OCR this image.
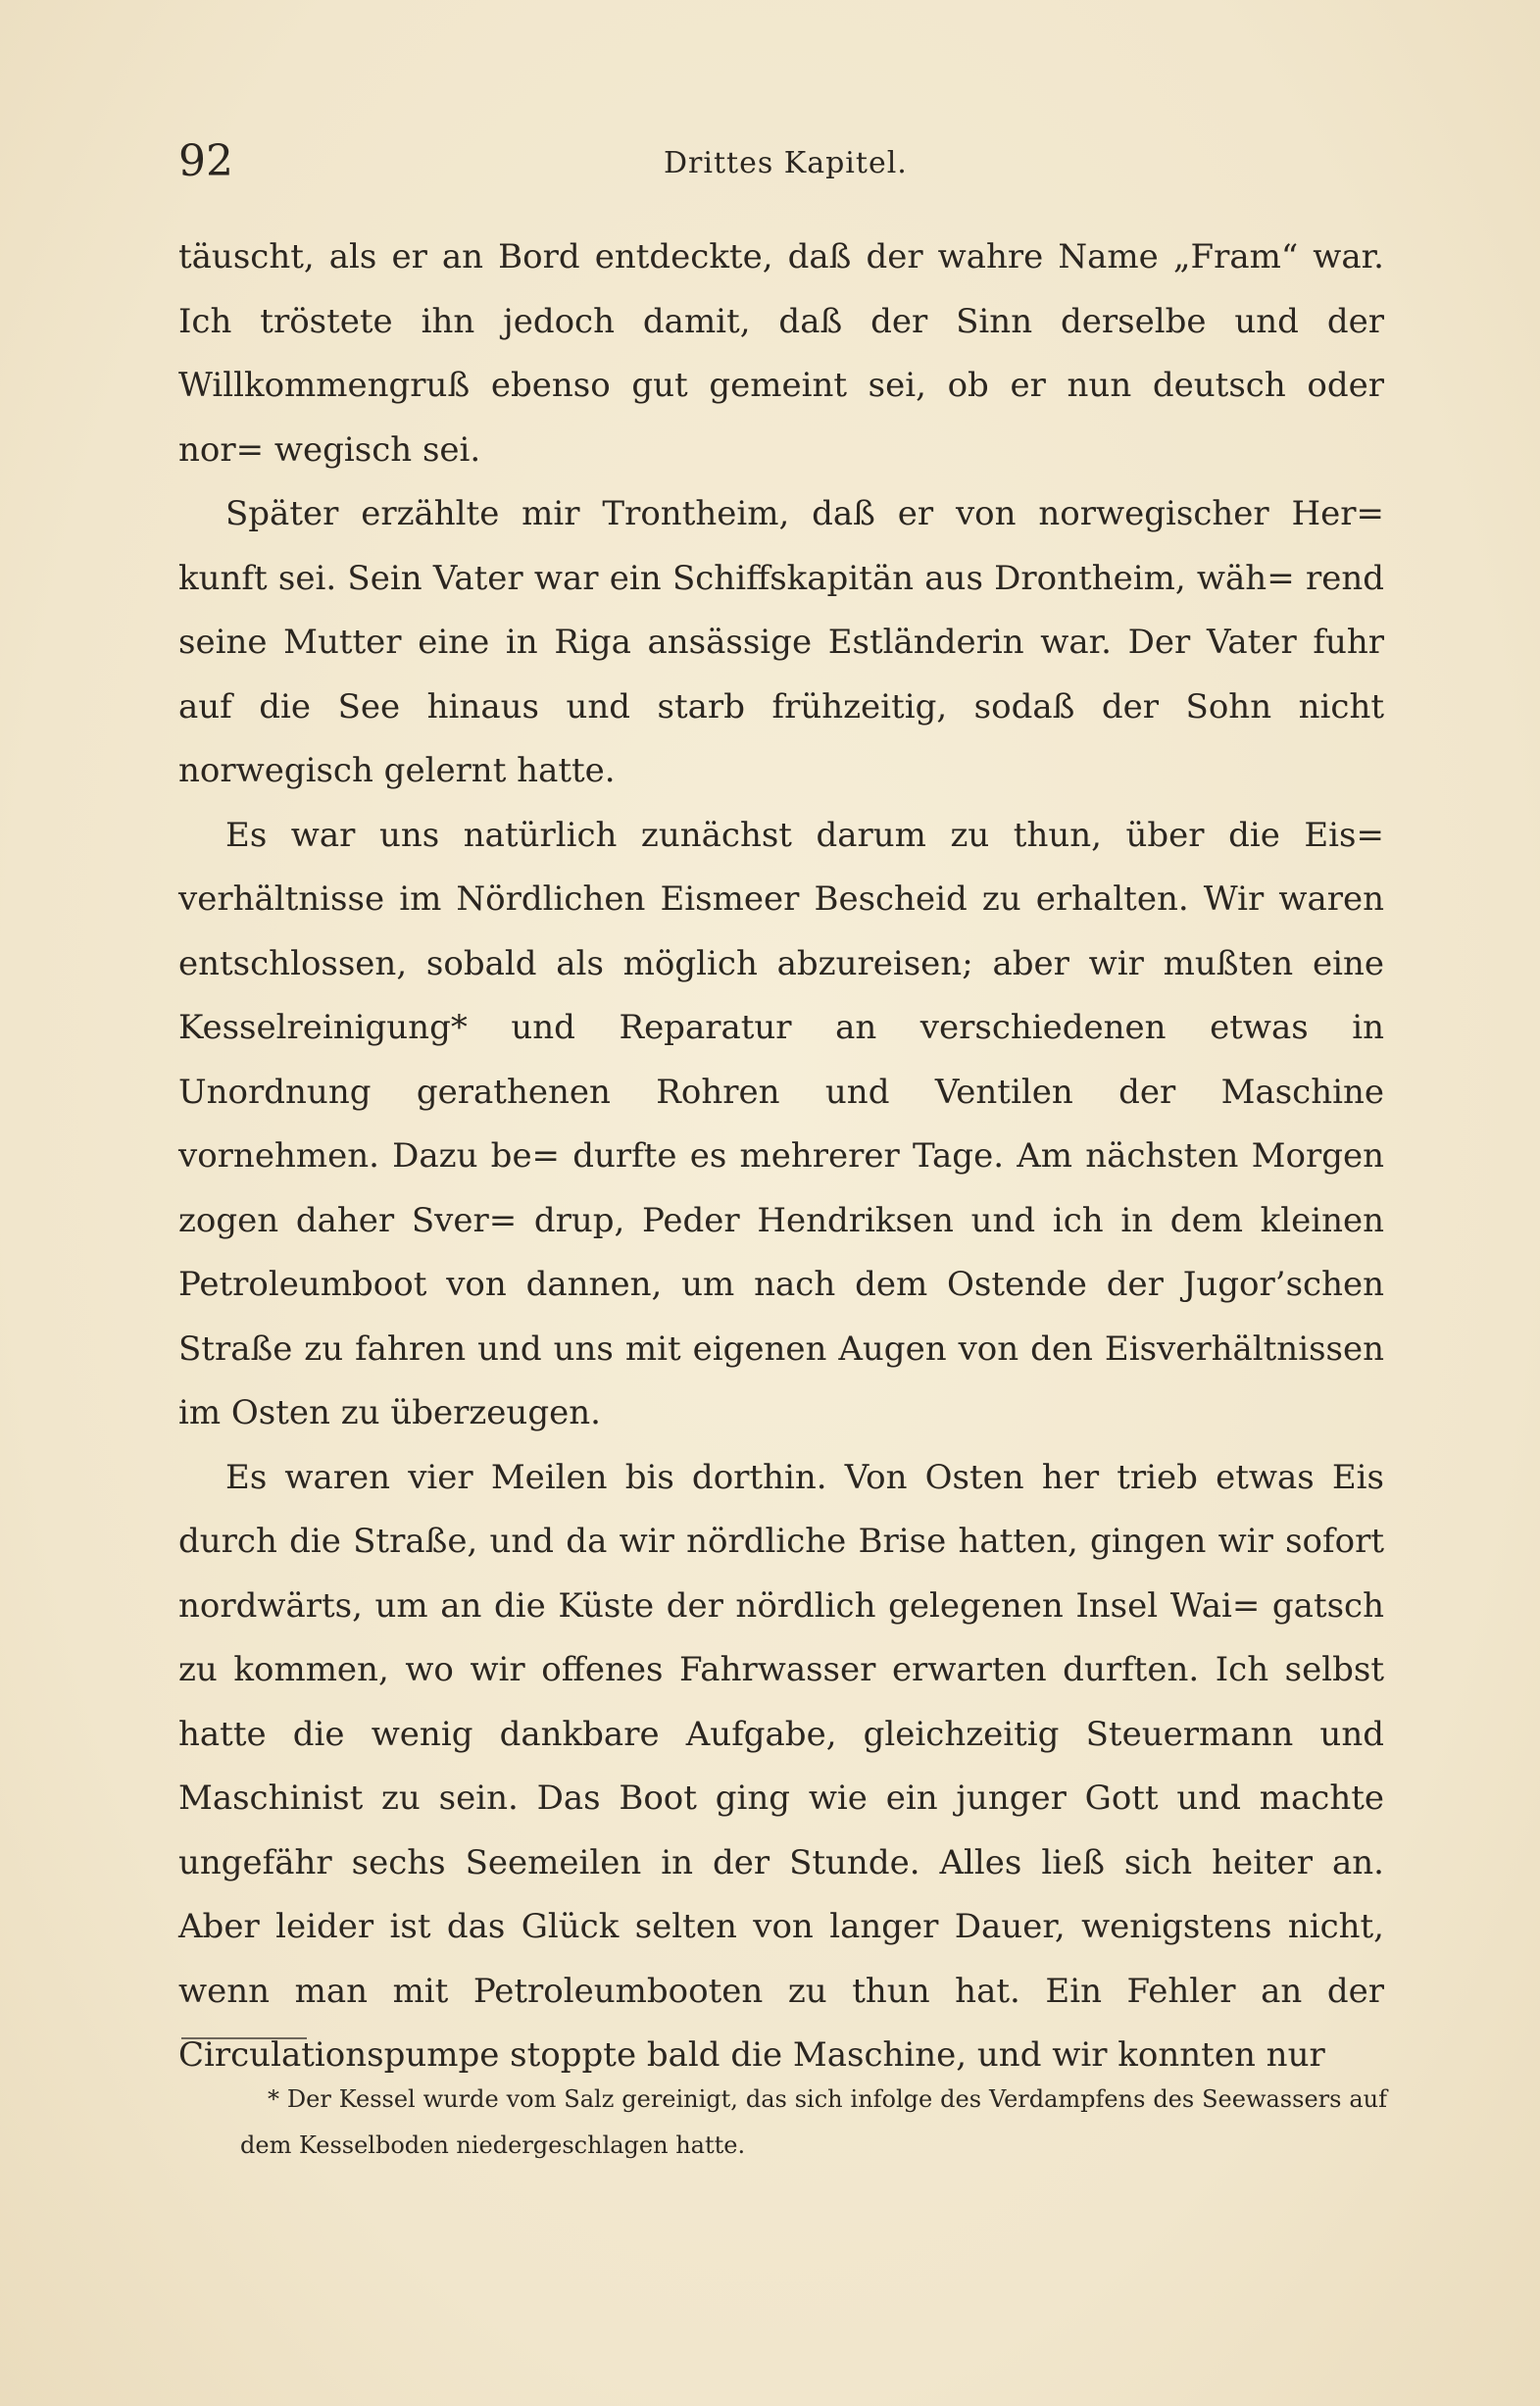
92	Drittes Kapitel.

täuscht, als er an Bord entdeckte, daß der wahre Name „Fram“ war. Ich tröstete ihn jedoch damit, daß der Sinn derselbe und der Willkommengruß ebenso gut gemeint sei, ob er nun deutsch oder nor= wegisch sei.

Später erzählte mir Trontheim, daß er von norwegischer Her= kunft sei. Sein Vater war ein Schiffskapitän aus Drontheim, wäh= rend seine Mutter eine in Riga ansässige Estländerin war. Der Vater fuhr auf die See hinaus und starb frühzeitig, sodaß der Sohn nicht norwegisch gelernt hatte.

Es war uns natürlich zunächst darum zu thun, über die Eis= verhältnisse im Nördlichen Eismeer Bescheid zu erhalten. Wir waren entschlossen, sobald als möglich abzureisen; aber wir mußten eine Kesselreinigung* und Reparatur an verschiedenen etwas in Unordnung gerathenen Rohren und Ventilen der Maschine vornehmen. Dazu be= durfte es mehrerer Tage. Am nächsten Morgen zogen daher Sver= drup, Peder Hendriksen und ich in dem kleinen Petroleumboot von dannen, um nach dem Ostende der Jugor’schen Straße zu fahren und uns mit eigenen Augen von den Eisverhältnissen im Osten zu überzeugen.

Es waren vier Meilen bis dorthin. Von Osten her trieb etwas Eis durch die Straße, und da wir nördliche Brise hatten, gingen wir sofort nordwärts, um an die Küste der nördlich gelegenen Insel Wai= gatsch zu kommen, wo wir offenes Fahrwasser erwarten durften. Ich selbst hatte die wenig dankbare Aufgabe, gleichzeitig Steuermann und Maschinist zu sein. Das Boot ging wie ein junger Gott und machte ungefähr sechs Seemeilen in der Stunde. Alles ließ sich heiter an. Aber leider ist das Glück selten von langer Dauer, wenigstens nicht, wenn man mit Petroleumbooten zu thun hat. Ein Fehler an der Circulationspumpe stoppte bald die Maschine, und wir konnten nur

* Der Kessel wurde vom Salz gereinigt, das sich infolge des Verdampfens des Seewassers auf dem Kesselboden niedergeschlagen hatte.
